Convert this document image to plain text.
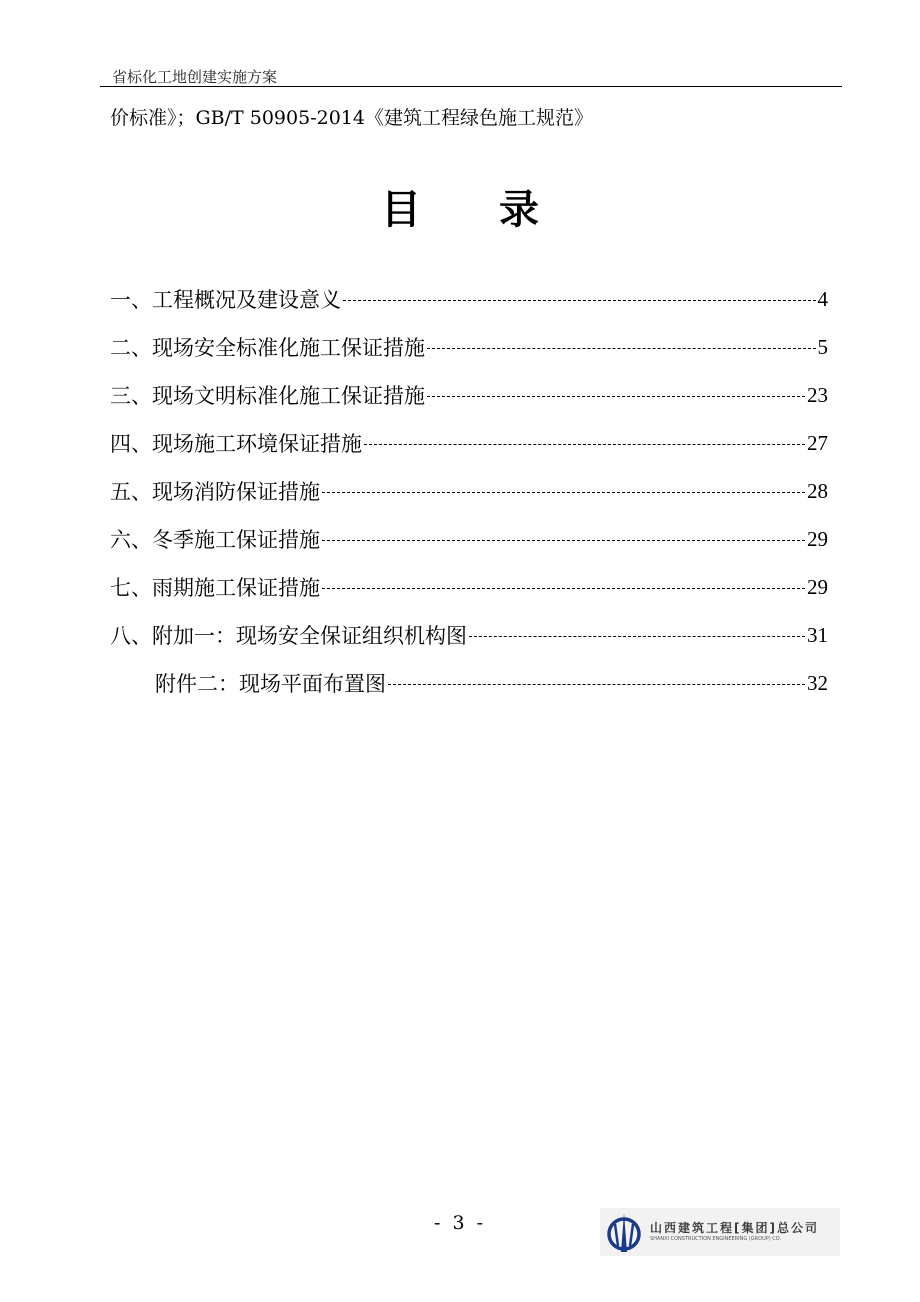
省标化工地创建实施方案
价标准》；GB/T 50905-2014《建筑工程绿色施工规范》
目录
一、工程概况及建设意义	4
二、现场安全标准化施工保证措施	5
三、现场文明标准化施工保证措施	23
四、现场施工环境保证措施	27
五、现场消防保证措施	28
六、冬季施工保证措施	29
七、雨期施工保证措施	29
八、附加一：现场安全保证组织机构图	31
附件二：现场平面布置图	32
- 3 -	山西建筑工程[集团]总公司
SHANXI CONSTRUCTION ENGINEERING (GROUP) CO.
